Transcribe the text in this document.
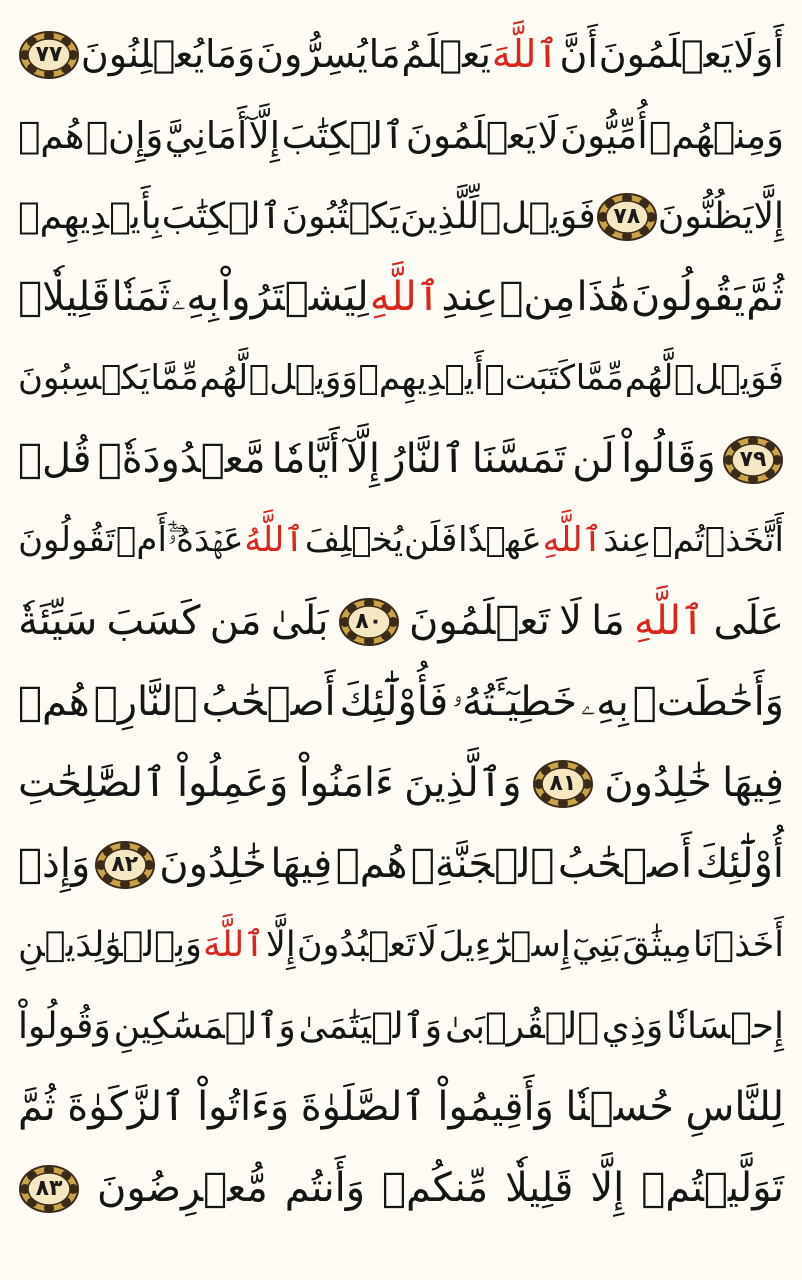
أَوَلَا
يَعۡلَمُونَ
أَنَّ
ٱللَّهَ
يَعۡلَمُ
مَا
يُسِرُّونَ
وَمَا
يُعۡلِنُونَ
٧٧
وَمِنۡهُمۡ
أُمِّيُّونَ
لَا
يَعۡلَمُونَ
ٱلۡكِتَٰبَ
إِلَّآ
أَمَانِيَّ
وَإِنۡ
هُمۡ
إِلَّا
يَظُنُّونَ
٧٨
فَوَيۡلٞ
لِّلَّذِينَ
يَكۡتُبُونَ
ٱلۡكِتَٰبَ
بِأَيۡدِيهِمۡ
ثُمَّ
يَقُولُونَ
هَٰذَا
مِنۡ
عِندِ
ٱللَّهِ
لِيَشۡتَرُواْ
بِهِۦ
ثَمَنٗا
قَلِيلٗاۖ
فَوَيۡلٞ
لَّهُم
مِّمَّا
كَتَبَتۡ
أَيۡدِيهِمۡ
وَوَيۡلٞ
لَّهُم
مِّمَّا
يَكۡسِبُونَ
٧٩
وَقَالُواْ
لَن
تَمَسَّنَا
ٱلنَّارُ
إِلَّآ
أَيَّامٗا
مَّعۡدُودَةٗۚ
قُلۡ
أَتَّخَذۡتُمۡ
عِندَ
ٱللَّهِ
عَهۡدٗا
فَلَن
يُخۡلِفَ
ٱللَّهُ
عَهۡدَهُۥٓۖ
أَمۡ
تَقُولُونَ
عَلَى
ٱللَّهِ
مَا
لَا
تَعۡلَمُونَ
٨٠
بَلَىٰ
مَن
كَسَبَ
سَيِّئَةٗ
وَأَحَٰطَتۡ
بِهِۦ
خَطِيٓـَٔتُهُۥ
فَأُوْلَٰٓئِكَ
أَصۡحَٰبُ
ٱلنَّارِۖ
هُمۡ
فِيهَا
خَٰلِدُونَ
٨١
وَٱلَّذِينَ
ءَامَنُواْ
وَعَمِلُواْ
ٱلصَّٰلِحَٰتِ
أُوْلَٰٓئِكَ
أَصۡحَٰبُ
ٱلۡجَنَّةِۖ
هُمۡ
فِيهَا
خَٰلِدُونَ
٨٢
وَإِذۡ
أَخَذۡنَا
مِيثَٰقَ
بَنِيٓ
إِسۡرَٰٓءِيلَ
لَا
تَعۡبُدُونَ
إِلَّا
ٱللَّهَ
وَبِٱلۡوَٰلِدَيۡنِ
إِحۡسَانٗا
وَذِي
ٱلۡقُرۡبَىٰ
وَٱلۡيَتَٰمَىٰ
وَٱلۡمَسَٰكِينِ
وَقُولُواْ
لِلنَّاسِ
حُسۡنٗا
وَأَقِيمُواْ
ٱلصَّلَوٰةَ
وَءَاتُواْ
ٱلزَّكَوٰةَ
ثُمَّ
تَوَلَّيۡتُمۡ
إِلَّا
قَلِيلٗا
مِّنكُمۡ
وَأَنتُم
مُّعۡرِضُونَ
٨٣
